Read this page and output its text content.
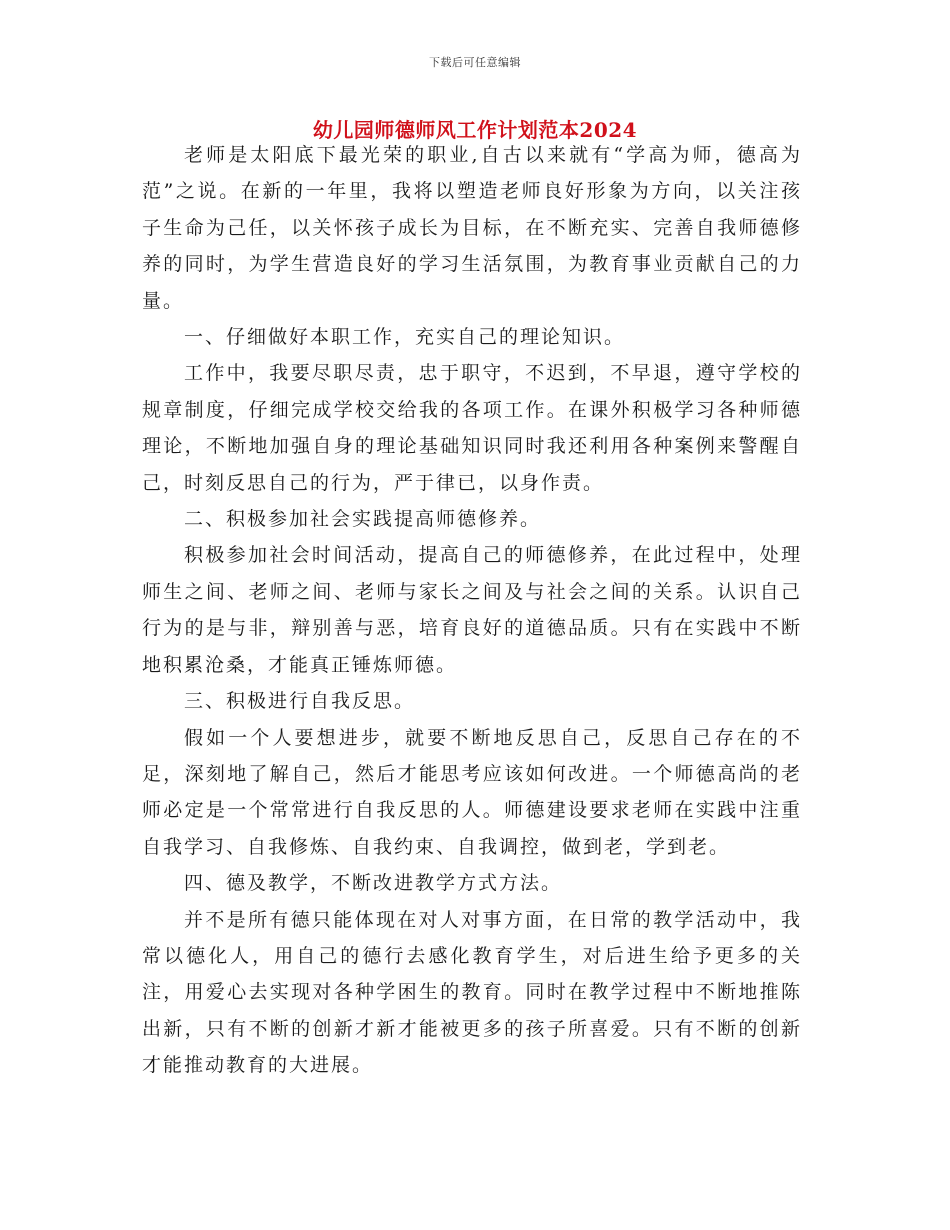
下载后可任意编辑
幼儿园师德师风工作计划范本2024

老师是太阳底下最光荣的职业,自古以来就有“学高为师，德高为范”之说。在新的一年里，我将以塑造老师良好形象为方向，以关注孩子生命为己任，以关怀孩子成长为目标，在不断充实、完善自我师德修养的同时，为学生营造良好的学习生活氛围，为教育事业贡献自己的力量。

一、仔细做好本职工作，充实自己的理论知识。

工作中，我要尽职尽责，忠于职守，不迟到，不早退，遵守学校的规章制度，仔细完成学校交给我的各项工作。在课外积极学习各种师德理论，不断地加强自身的理论基础知识同时我还利用各种案例来警醒自己，时刻反思自己的行为，严于律已，以身作责。

二、积极参加社会实践提高师德修养。

积极参加社会时间活动，提高自己的师德修养，在此过程中，处理师生之间、老师之间、老师与家长之间及与社会之间的关系。认识自己行为的是与非，辩别善与恶，培育良好的道德品质。只有在实践中不断地积累沧桑，才能真正锤炼师德。

三、积极进行自我反思。

假如一个人要想进步，就要不断地反思自己，反思自己存在的不足，深刻地了解自己，然后才能思考应该如何改进。一个师德高尚的老师必定是一个常常进行自我反思的人。师德建设要求老师在实践中注重自我学习、自我修炼、自我约束、自我调控，做到老，学到老。

四、德及教学，不断改进教学方式方法。

并不是所有德只能体现在对人对事方面，在日常的教学活动中，我常以德化人，用自己的德行去感化教育学生，对后进生给予更多的关注，用爱心去实现对各种学困生的教育。同时在教学过程中不断地推陈出新，只有不断的创新才新才能被更多的孩子所喜爱。只有不断的创新才能推动教育的大进展。
